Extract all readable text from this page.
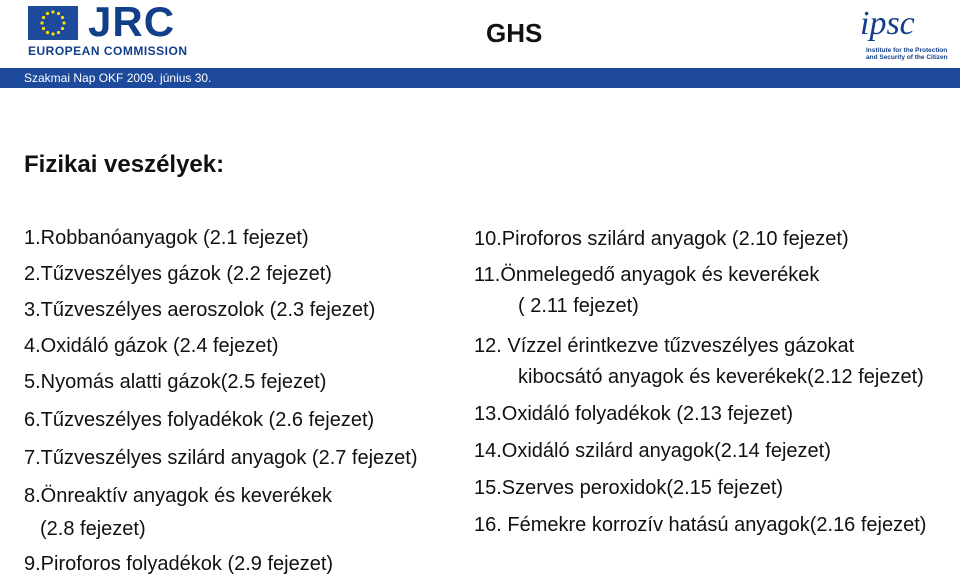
JRC
EUROPEAN COMMISSION
GHS	ipsc
Institute for the Protection and Security of the Citizen
Szakmai Nap OKF 2009. június 30.
Fizikai veszélyek:
1.Robbanóanyagok (2.1 fejezet)
2.Tűzveszélyes gázok (2.2 fejezet)
3.Tűzveszélyes aeroszolok (2.3 fejezet)
4.Oxidáló gázok (2.4 fejezet)
5.Nyomás alatti gázok(2.5 fejezet)
6.Tűzveszélyes folyadékok (2.6 fejezet)
7.Tűzveszélyes szilárd anyagok (2.7 fejezet)
8.Önreaktív anyagok és keverékek
(2.8 fejezet)
9.Piroforos folyadékok (2.9 fejezet)
10.Piroforos szilárd anyagok (2.10 fejezet)
11.Önmelegedő anyagok és keverékek
( 2.11 fejezet)
12. Vízzel érintkezve tűzveszélyes gázokat
kibocsátó anyagok és keverékek(2.12 fejezet)
13.Oxidáló folyadékok (2.13 fejezet)
14.Oxidáló szilárd anyagok(2.14 fejezet)
15.Szerves peroxidok(2.15 fejezet)
16. Fémekre korrozív hatású anyagok(2.16 fejezet)
